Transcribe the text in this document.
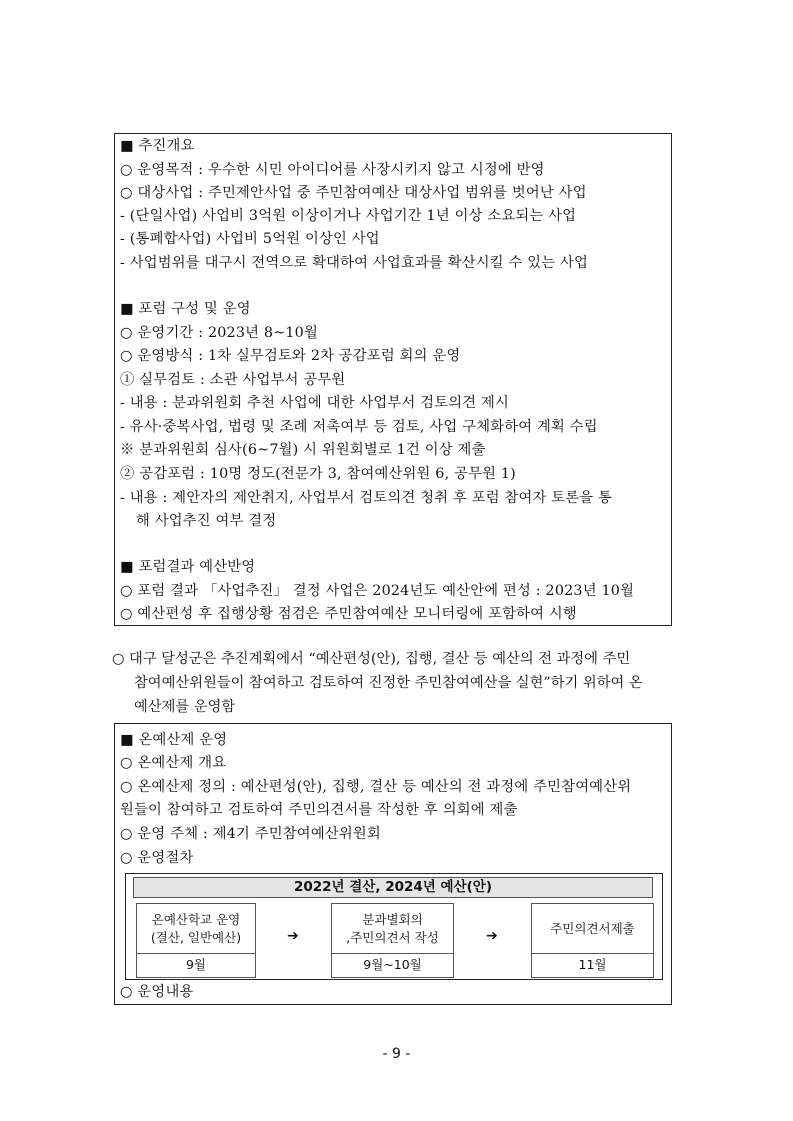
■ 추진개요
○ 운영목적 : 우수한 시민 아이디어를 사장시키지 않고 시정에 반영
○ 대상사업 : 주민제안사업 중 주민참여예산 대상사업 범위를 벗어난 사업
- (단일사업) 사업비 3억원 이상이거나 사업기간 1년 이상 소요되는 사업
- (통폐합사업) 사업비 5억원 이상인 사업
- 사업범위를 대구시 전역으로 확대하여 사업효과를 확산시킬 수 있는 사업
■ 포럼 구성 및 운영
○ 운영기간 : 2023년 8~10월
○ 운영방식 : 1차 실무검토와 2차 공감포럼 회의 운영
① 실무검토 : 소관 사업부서 공무원
- 내용 : 분과위원회 추천 사업에 대한 사업부서 검토의견 제시
- 유사·중복사업, 법령 및 조례 저촉여부 등 검토, 사업 구체화하여 계획 수립
※ 분과위원회 심사(6~7월) 시 위원회별로 1건 이상 제출
② 공감포럼 : 10명 정도(전문가 3, 참여예산위원 6, 공무원 1)
- 내용 : 제안자의 제안취지, 사업부서 검토의견 청취 후 포럼 참여자 토론을 통
해 사업추진 여부 결정
■ 포럼결과 예산반영
○ 포럼 결과 「사업추진」 결정 사업은 2024년도 예산안에 편성 : 2023년 10월
○ 예산편성 후 집행상황 점검은 주민참여예산 모니터링에 포함하여 시행
○ 대구 달성군은 추진계획에서 “예산편성(안), 집행, 결산 등 예산의 전 과정에 주민
참여예산위원들이 참여하고 검토하여 진정한 주민참여예산을 실현”하기 위하여 온
예산제를 운영함
■ 온예산제 운영
○ 온예산제 개요
○ 온예산제 정의 : 예산편성(안), 집행, 결산 등 예산의 전 과정에 주민참여예산위
원들이 참여하고 검토하여 주민의견서를 작성한 후 의회에 제출
○ 운영 주체 : 제4기 주민참여예산위원회
○ 운영절차
2022년 결산, 2024년 예산(안)
온예산학교 운영
(결산, 일반예산)
9월
➔
분과별회의
,주민의견서 작성
9월~10월
➔	주민의견서제출
11월
○ 운영내용
- 9 -
